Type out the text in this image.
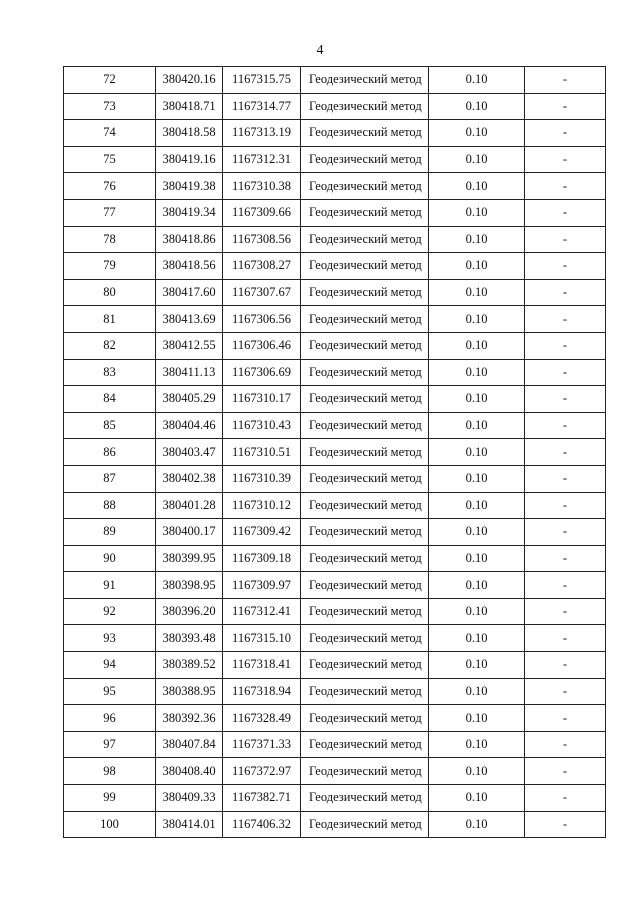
4
72	380420.16	1167315.75	Геодезический метод	0.10	-
73	380418.71	1167314.77	Геодезический метод	0.10	-
74	380418.58	1167313.19	Геодезический метод	0.10	-
75	380419.16	1167312.31	Геодезический метод	0.10	-
76	380419.38	1167310.38	Геодезический метод	0.10	-
77	380419.34	1167309.66	Геодезический метод	0.10	-
78	380418.86	1167308.56	Геодезический метод	0.10	-
79	380418.56	1167308.27	Геодезический метод	0.10	-
80	380417.60	1167307.67	Геодезический метод	0.10	-
81	380413.69	1167306.56	Геодезический метод	0.10	-
82	380412.55	1167306.46	Геодезический метод	0.10	-
83	380411.13	1167306.69	Геодезический метод	0.10	-
84	380405.29	1167310.17	Геодезический метод	0.10	-
85	380404.46	1167310.43	Геодезический метод	0.10	-
86	380403.47	1167310.51	Геодезический метод	0.10	-
87	380402.38	1167310.39	Геодезический метод	0.10	-
88	380401.28	1167310.12	Геодезический метод	0.10	-
89	380400.17	1167309.42	Геодезический метод	0.10	-
90	380399.95	1167309.18	Геодезический метод	0.10	-
91	380398.95	1167309.97	Геодезический метод	0.10	-
92	380396.20	1167312.41	Геодезический метод	0.10	-
93	380393.48	1167315.10	Геодезический метод	0.10	-
94	380389.52	1167318.41	Геодезический метод	0.10	-
95	380388.95	1167318.94	Геодезический метод	0.10	-
96	380392.36	1167328.49	Геодезический метод	0.10	-
97	380407.84	1167371.33	Геодезический метод	0.10	-
98	380408.40	1167372.97	Геодезический метод	0.10	-
99	380409.33	1167382.71	Геодезический метод	0.10	-
100	380414.01	1167406.32	Геодезический метод	0.10	-
